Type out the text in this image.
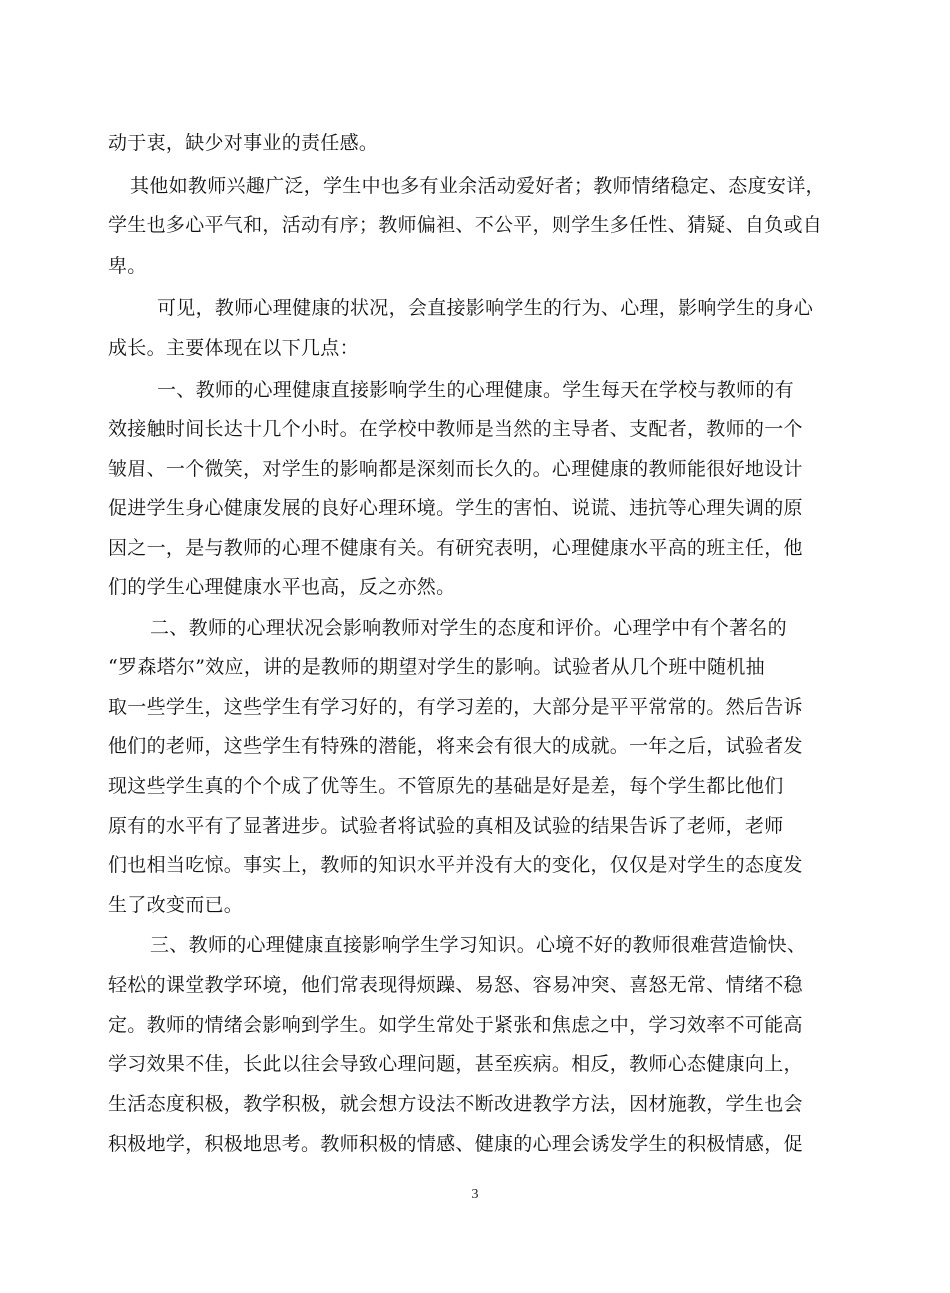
动于衷，缺少对事业的责任感。
其他如教师兴趣广泛，学生中也多有业余活动爱好者；教师情绪稳定、态度安详，
学生也多心平气和，活动有序；教师偏袒、不公平，则学生多任性、猜疑、自负或自
卑。
可见，教师心理健康的状况，会直接影响学生的行为、心理，影响学生的身心
成长。主要体现在以下几点：
一、教师的心理健康直接影响学生的心理健康。学生每天在学校与教师的有
效接触时间长达十几个小时。在学校中教师是当然的主导者、支配者，教师的一个
皱眉、一个微笑，对学生的影响都是深刻而长久的。心理健康的教师能很好地设计
促进学生身心健康发展的良好心理环境。学生的害怕、说谎、违抗等心理失调的原
因之一，是与教师的心理不健康有关。有研究表明，心理健康水平高的班主任，他
们的学生心理健康水平也高，反之亦然。
二、教师的心理状况会影响教师对学生的态度和评价。心理学中有个著名的
“罗森塔尔”效应，讲的是教师的期望对学生的影响。试验者从几个班中随机抽
取一些学生，这些学生有学习好的，有学习差的，大部分是平平常常的。然后告诉
他们的老师，这些学生有特殊的潜能，将来会有很大的成就。一年之后，试验者发
现这些学生真的个个成了优等生。不管原先的基础是好是差，每个学生都比他们
原有的水平有了显著进步。试验者将试验的真相及试验的结果告诉了老师，老师
们也相当吃惊。事实上，教师的知识水平并没有大的变化，仅仅是对学生的态度发
生了改变而已。
三、教师的心理健康直接影响学生学习知识。心境不好的教师很难营造愉快、
轻松的课堂教学环境，他们常表现得烦躁、易怒、容易冲突、喜怒无常、情绪不稳
定。教师的情绪会影响到学生。如学生常处于紧张和焦虑之中，学习效率不可能高
学习效果不佳，长此以往会导致心理问题，甚至疾病。相反，教师心态健康向上，
生活态度积极，教学积极，就会想方设法不断改进教学方法，因材施教，学生也会
积极地学，积极地思考。教师积极的情感、健康的心理会诱发学生的积极情感，促
3
